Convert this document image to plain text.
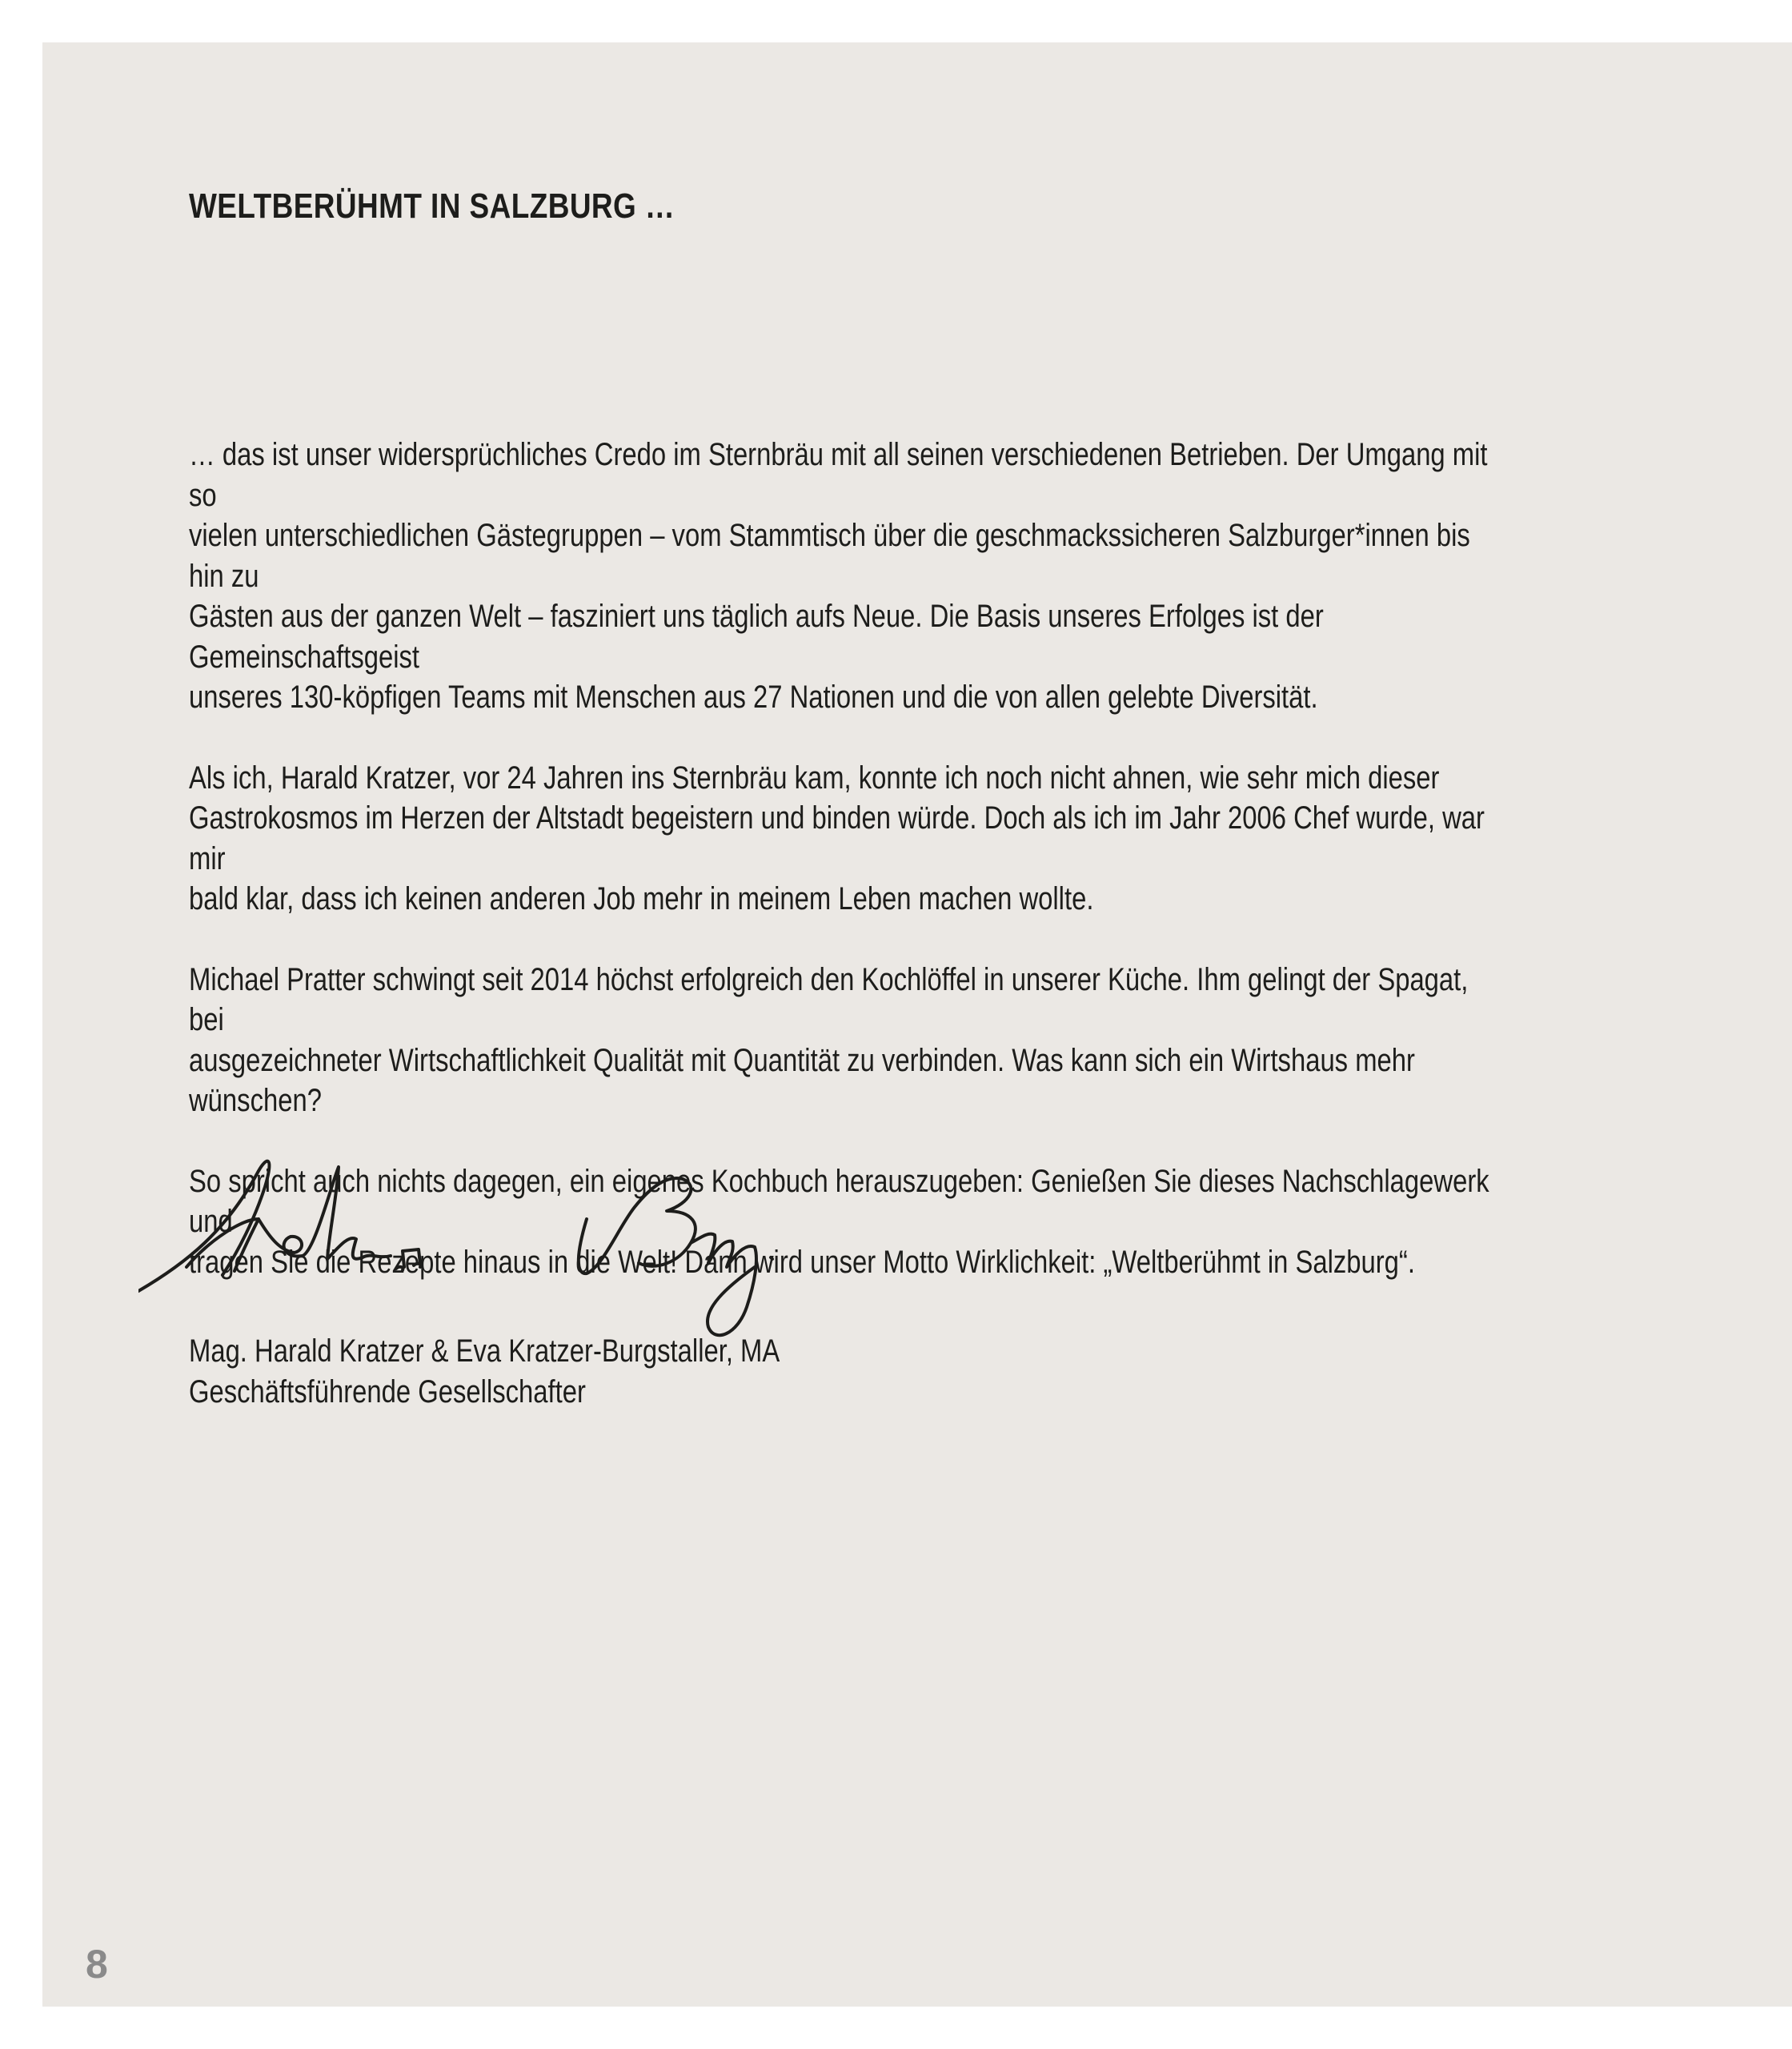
WELTBERÜHMT IN SALZBURG …

… das ist unser widersprüchliches Credo im Sternbräu mit all seinen verschiedenen Betrieben. Der Umgang mit so
vielen unterschiedlichen Gästegruppen – vom Stammtisch über die geschmackssicheren Salzburger*innen bis hin zu
Gästen aus der ganzen Welt – fasziniert uns täglich aufs Neue. Die Basis unseres Erfolges ist der Gemeinschaftsgeist
unseres 130-köpfigen Teams mit Menschen aus 27 Nationen und die von allen gelebte Diversität.

Als ich, Harald Kratzer, vor 24 Jahren ins Sternbräu kam, konnte ich noch nicht ahnen, wie sehr mich dieser
Gastrokosmos im Herzen der Altstadt begeistern und binden würde. Doch als ich im Jahr 2006 Chef wurde, war mir
bald klar, dass ich keinen anderen Job mehr in meinem Leben machen wollte.

Michael Pratter schwingt seit 2014 höchst erfolgreich den Kochlöffel in unserer Küche. Ihm gelingt der Spagat, bei
ausgezeichneter Wirtschaftlichkeit Qualität mit Quantität zu verbinden. Was kann sich ein Wirtshaus mehr
wünschen?

So spricht auch nichts dagegen, ein eigenes Kochbuch herauszugeben: Genießen Sie dieses Nachschlagewerk und
tragen Sie die Rezepte hinaus in die Welt! Dann wird unser Motto Wirklichkeit: „Weltberühmt in Salzburg“.

Mag. Harald Kratzer & Eva Kratzer-Burgstaller, MA
Geschäftsführende Gesellschafter
8
